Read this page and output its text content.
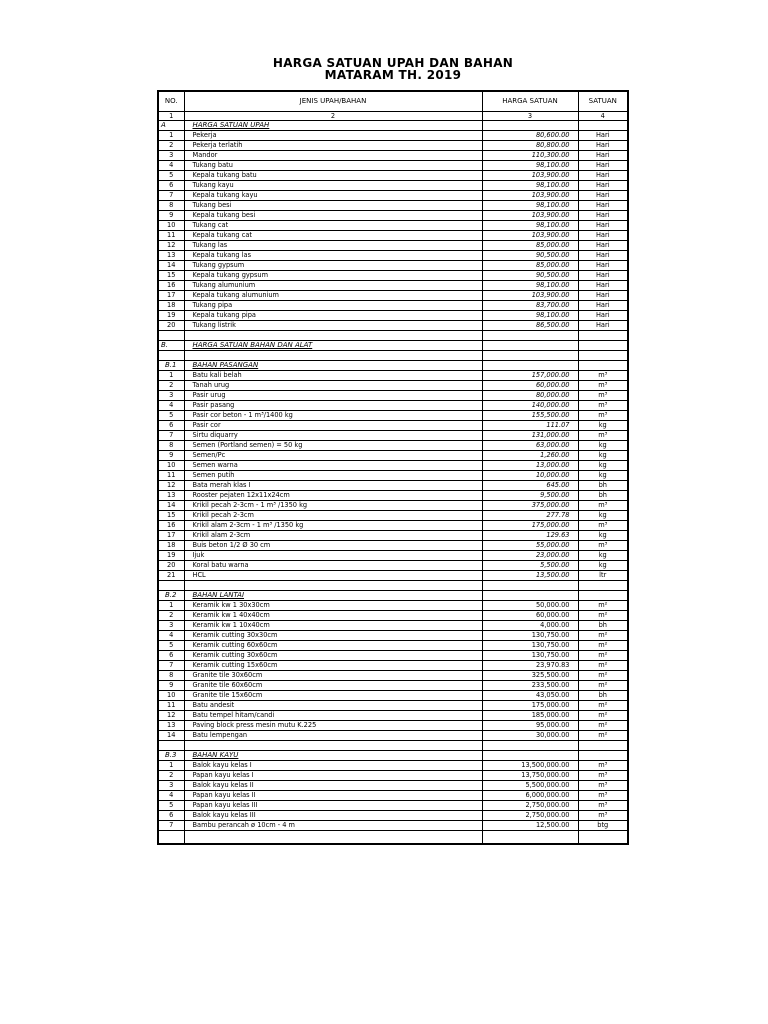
HARGA SATUAN UPAH DAN BAHAN
MATARAM TH. 2019
NO.	JENIS UPAH/BAHAN	HARGA SATUAN	SATUAN
1	2	3	4
A	HARGA SATUAN UPAH		
1	Pekerja	80,600.00	Hari
2	Pekerja terlatih	80,800.00	Hari
3	Mandor	110,300.00	Hari
4	Tukang batu	98,100.00	Hari
5	Kepala tukang batu	103,900.00	Hari
6	Tukang kayu	98,100.00	Hari
7	Kepala tukang kayu	103,900.00	Hari
8	Tukang besi	98,100.00	Hari
9	Kepala tukang besi	103,900.00	Hari
10	Tukang cat	98,100.00	Hari
11	Kepala tukang cat	103,900.00	Hari
12	Tukang las	85,000.00	Hari
13	Kepala tukang las	90,500.00	Hari
14	Tukang gypsum	85,000.00	Hari
15	Kepala tukang gypsum	90,500.00	Hari
16	Tukang alumunium	98,100.00	Hari
17	Kepala tukang alumunium	103,900.00	Hari
18	Tukang pipa	83,700.00	Hari
19	Kepala tukang pipa	98,100.00	Hari
20	Tukang listrik	86,500.00	Hari

B.	HARGA SATUAN BAHAN DAN ALAT		

B.1	BAHAN PASANGAN		
1	Batu kali belah	157,000.00	m³
2	Tanah urug	60,000.00	m³
3	Pasir urug	80,000.00	m³
4	Pasir pasang	140,000.00	m³
5	Pasir cor beton - 1 m³/1400 kg	155,500.00	m³
6	Pasir cor	111.07	kg
7	Sirtu diquarry	131,000.00	m³
8	Semen (Portland semen) = 50 kg	63,000.00	kg
9	Semen/Pc	1,260.00	kg
10	Semen warna	13,000.00	kg
11	Semen putih	10,000.00	kg
12	Bata merah klas I	645.00	bh
13	Rooster pejaten 12x11x24cm	9,500.00	bh
14	Krikil pecah 2-3cm - 1 m³ /1350 kg	375,000.00	m³
15	Krikil pecah 2-3cm	277.78	kg
16	Krikil alam 2-3cm - 1 m³ /1350 kg	175,000.00	m³
17	Krikil alam 2-3cm	129.63	kg
18	Buis beton 1/2 Ø 30 cm	55,000.00	m³
19	Ijuk	23,000.00	kg
20	Koral batu warna	5,500.00	kg
21	HCL	13,500.00	ltr

B.2	BAHAN LANTAI		
1	Keramik kw 1 30x30cm	50,000.00	m²
2	Keramik kw 1 40x40cm	60,000.00	m²
3	Keramik kw 1 10x40cm	4,000.00	bh
4	Keramik cutting 30x30cm	130,750.00	m²
5	Keramik cutting 60x60cm	130,750.00	m²
6	Keramik cutting 30x60cm	130,750.00	m²
7	Keramik cutting 15x60cm	23,970.83	m²
8	Granite tile 30x60cm	325,500.00	m²
9	Granite tile 60x60cm	233,500.00	m²
10	Granite tile 15x60cm	43,050.00	bh
11	Batu andesit	175,000.00	m²
12	Batu tempel hitam/candi	185,000.00	m²
13	Paving block press mesin mutu K.225	95,000.00	m²
14	Batu lempengan	30,000.00	m²

B.3	BAHAN KAYU		
1	Balok kayu kelas I	13,500,000.00	m³
2	Papan kayu kelas I	13,750,000.00	m³
3	Balok kayu kelas II	5,500,000.00	m³
4	Papan kayu kelas II	6,000,000.00	m³
5	Papan kayu kelas III	2,750,000.00	m³
6	Balok kayu kelas III	2,750,000.00	m³
7	Bambu perancah ø 10cm - 4 m	12,500.00	btg
